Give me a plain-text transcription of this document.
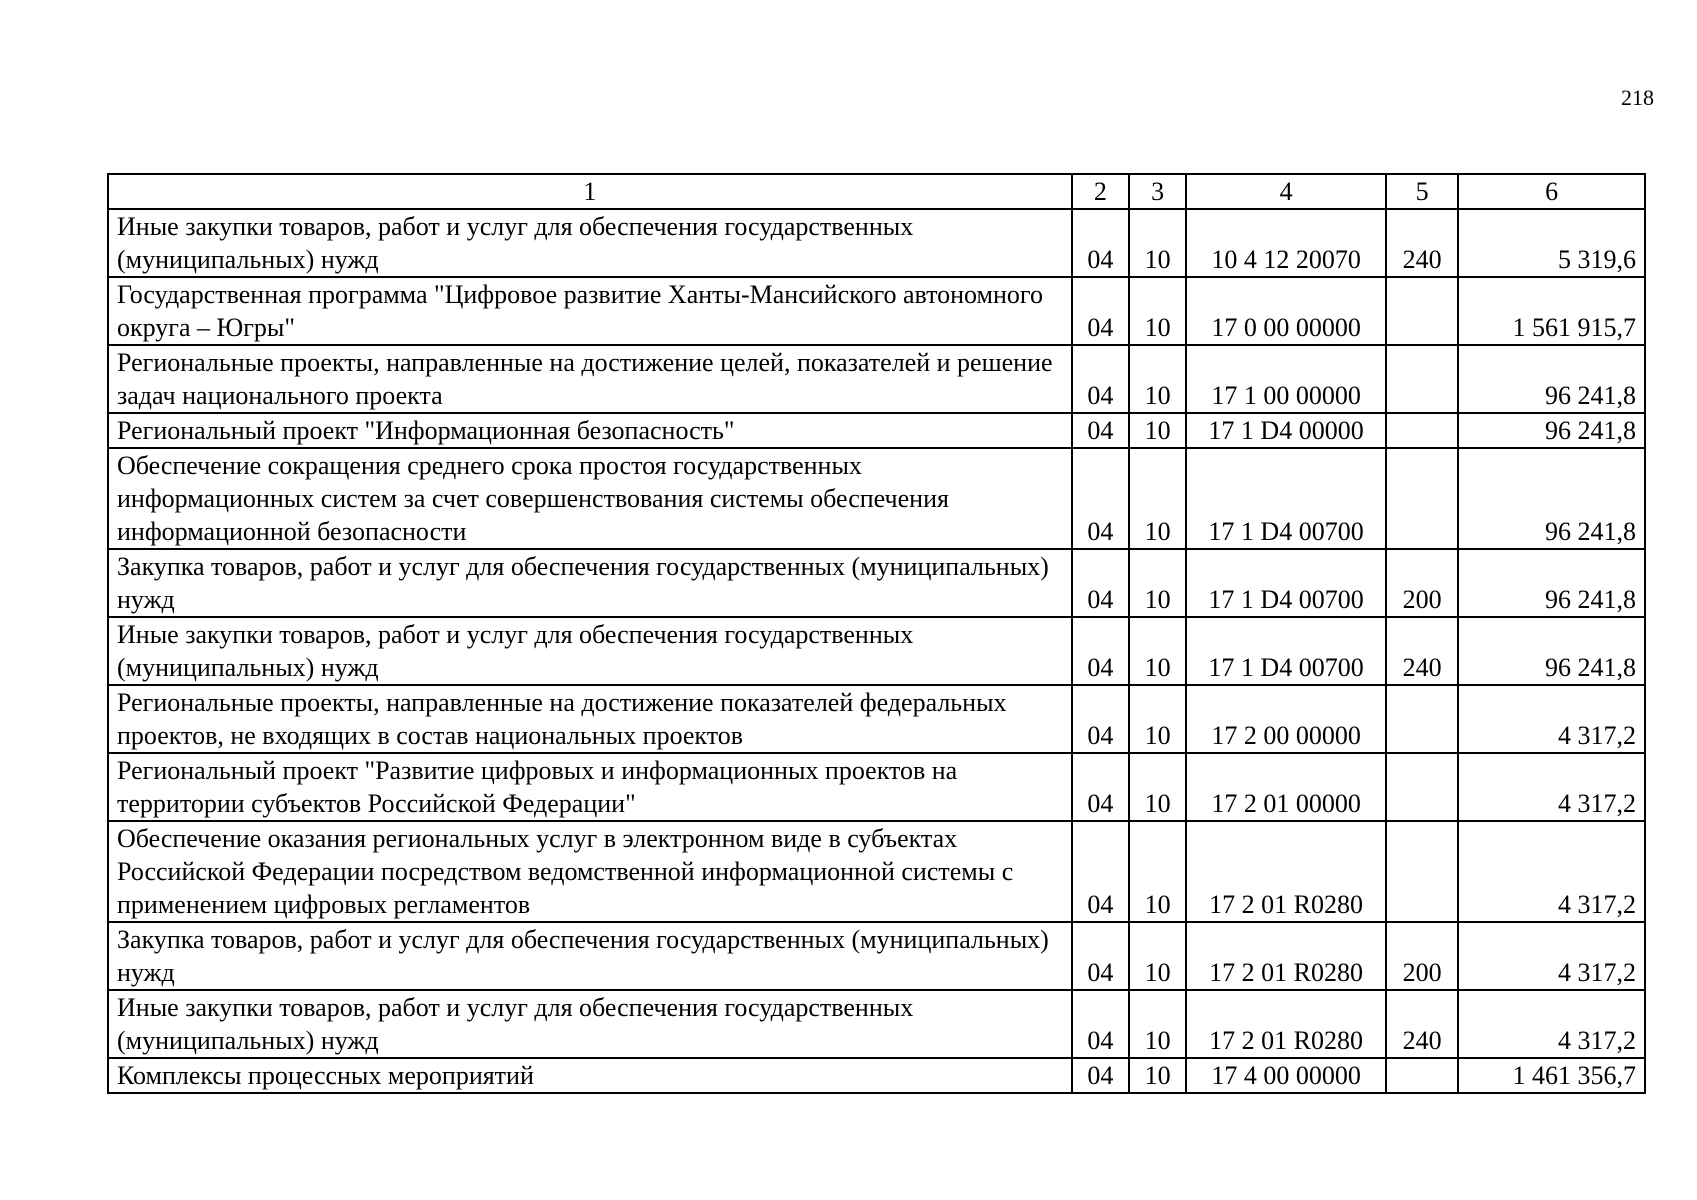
218
1	2	3	4	5	6
Иные закупки товаров, работ и услуг для обеспечения государственных (муниципальных) нужд	04	10	10 4 12 20070	240	5 319,6
Государственная программа "Цифровое развитие Ханты-Мансийского автономного округа – Югры"	04	10	17 0 00 00000		1 561 915,7
Региональные проекты, направленные на достижение целей, показателей и решение задач национального проекта	04	10	17 1 00 00000		96 241,8
Региональный проект "Информационная безопасность"	04	10	17 1 D4 00000		96 241,8
Обеспечение сокращения среднего срока простоя государственных информационных систем за счет совершенствования системы обеспечения информационной безопасности	04	10	17 1 D4 00700		96 241,8
Закупка товаров, работ и услуг для обеспечения государственных (муниципальных) нужд	04	10	17 1 D4 00700	200	96 241,8
Иные закупки товаров, работ и услуг для обеспечения государственных (муниципальных) нужд	04	10	17 1 D4 00700	240	96 241,8
Региональные проекты, направленные на достижение показателей федеральных проектов, не входящих в состав национальных проектов	04	10	17 2 00 00000		4 317,2
Региональный проект "Развитие цифровых и информационных проектов на территории субъектов Российской Федерации"	04	10	17 2 01 00000		4 317,2
Обеспечение оказания региональных услуг в электронном виде в субъектах Российской Федерации посредством ведомственной информационной системы с применением цифровых регламентов	04	10	17 2 01 R0280		4 317,2
Закупка товаров, работ и услуг для обеспечения государственных (муниципальных) нужд	04	10	17 2 01 R0280	200	4 317,2
Иные закупки товаров, работ и услуг для обеспечения государственных (муниципальных) нужд	04	10	17 2 01 R0280	240	4 317,2
Комплексы процессных мероприятий	04	10	17 4 00 00000		1 461 356,7
